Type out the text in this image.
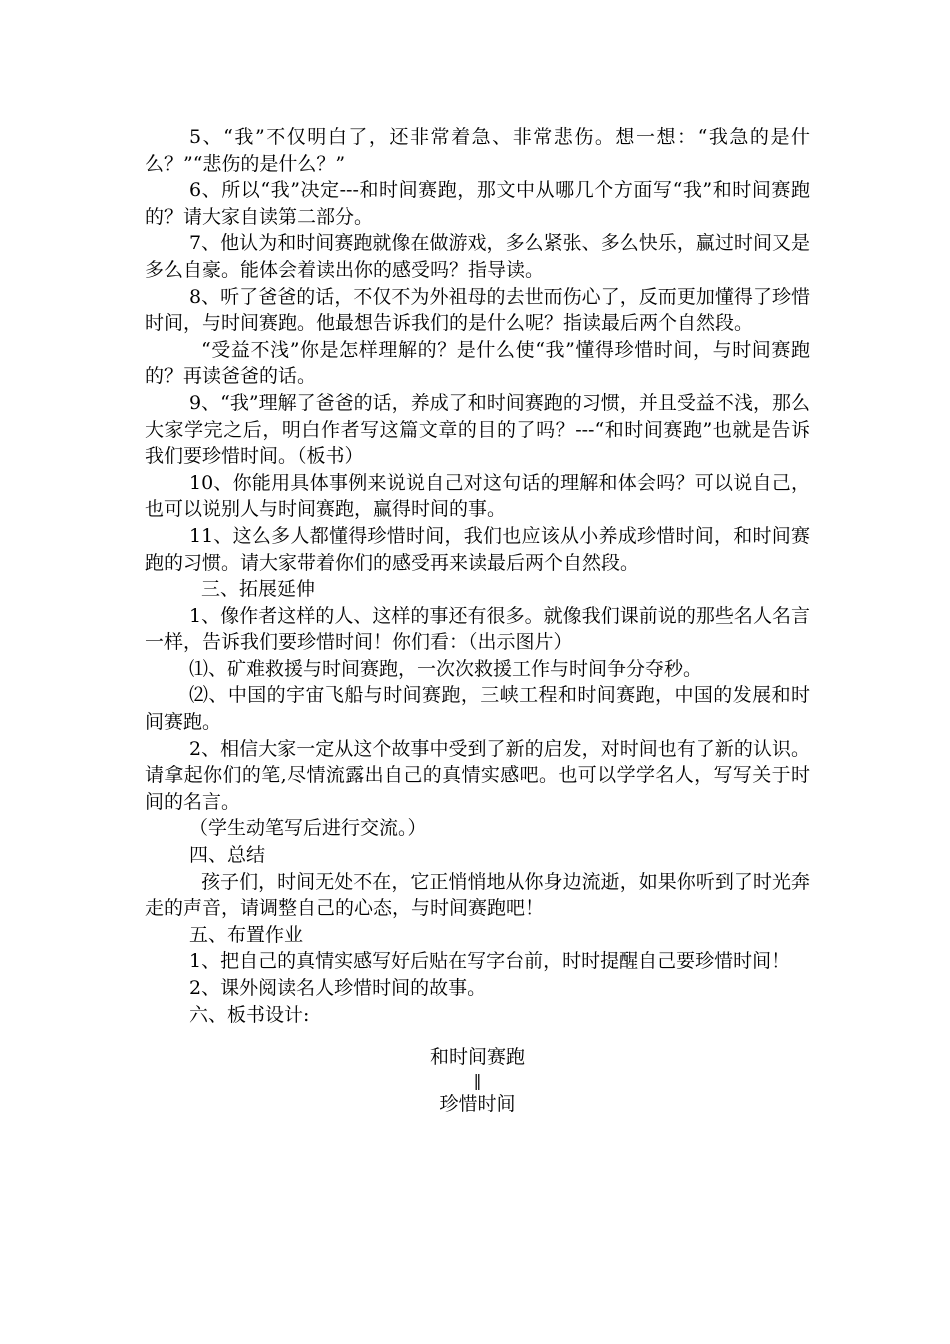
5、“我”不仅明白了，还非常着急、非常悲伤。想一想：“我急的是什么？”“悲伤的是什么？”

6、所以“我”决定---和时间赛跑，那文中从哪几个方面写“我”和时间赛跑的？请大家自读第二部分。

7、他认为和时间赛跑就像在做游戏，多么紧张、多么快乐，赢过时间又是多么自豪。能体会着读出你的感受吗？指导读。

8、听了爸爸的话，不仅不为外祖母的去世而伤心了，反而更加懂得了珍惜时间，与时间赛跑。他最想告诉我们的是什么呢？指读最后两个自然段。

“受益不浅”你是怎样理解的？是什么使“我”懂得珍惜时间，与时间赛跑的？再读爸爸的话。

9、“我”理解了爸爸的话，养成了和时间赛跑的习惯，并且受益不浅，那么大家学完之后，明白作者写这篇文章的目的了吗？---“和时间赛跑”也就是告诉我们要珍惜时间。（板书）

10、你能用具体事例来说说自己对这句话的理解和体会吗？可以说自己，也可以说别人与时间赛跑，赢得时间的事。

11、这么多人都懂得珍惜时间，我们也应该从小养成珍惜时间，和时间赛跑的习惯。请大家带着你们的感受再来读最后两个自然段。

三、拓展延伸

1、像作者这样的人、这样的事还有很多。就像我们课前说的那些名人名言一样，告诉我们要珍惜时间！你们看：（出示图片）

⑴、矿难救援与时间赛跑，一次次救援工作与时间争分夺秒。

⑵、中国的宇宙飞船与时间赛跑，三峡工程和时间赛跑，中国的发展和时间赛跑。

2、相信大家一定从这个故事中受到了新的启发，对时间也有了新的认识。请拿起你们的笔,尽情流露出自己的真情实感吧。也可以学学名人，写写关于时间的名言。

（学生动笔写后进行交流。）

四、总结

孩子们，时间无处不在，它正悄悄地从你身边流逝，如果你听到了时光奔走的声音，请调整自己的心态，与时间赛跑吧！

五、布置作业

1、把自己的真情实感写好后贴在写字台前，时时提醒自己要珍惜时间！

2、课外阅读名人珍惜时间的故事。

六、板书设计:

和时间赛跑
‖
珍惜时间
